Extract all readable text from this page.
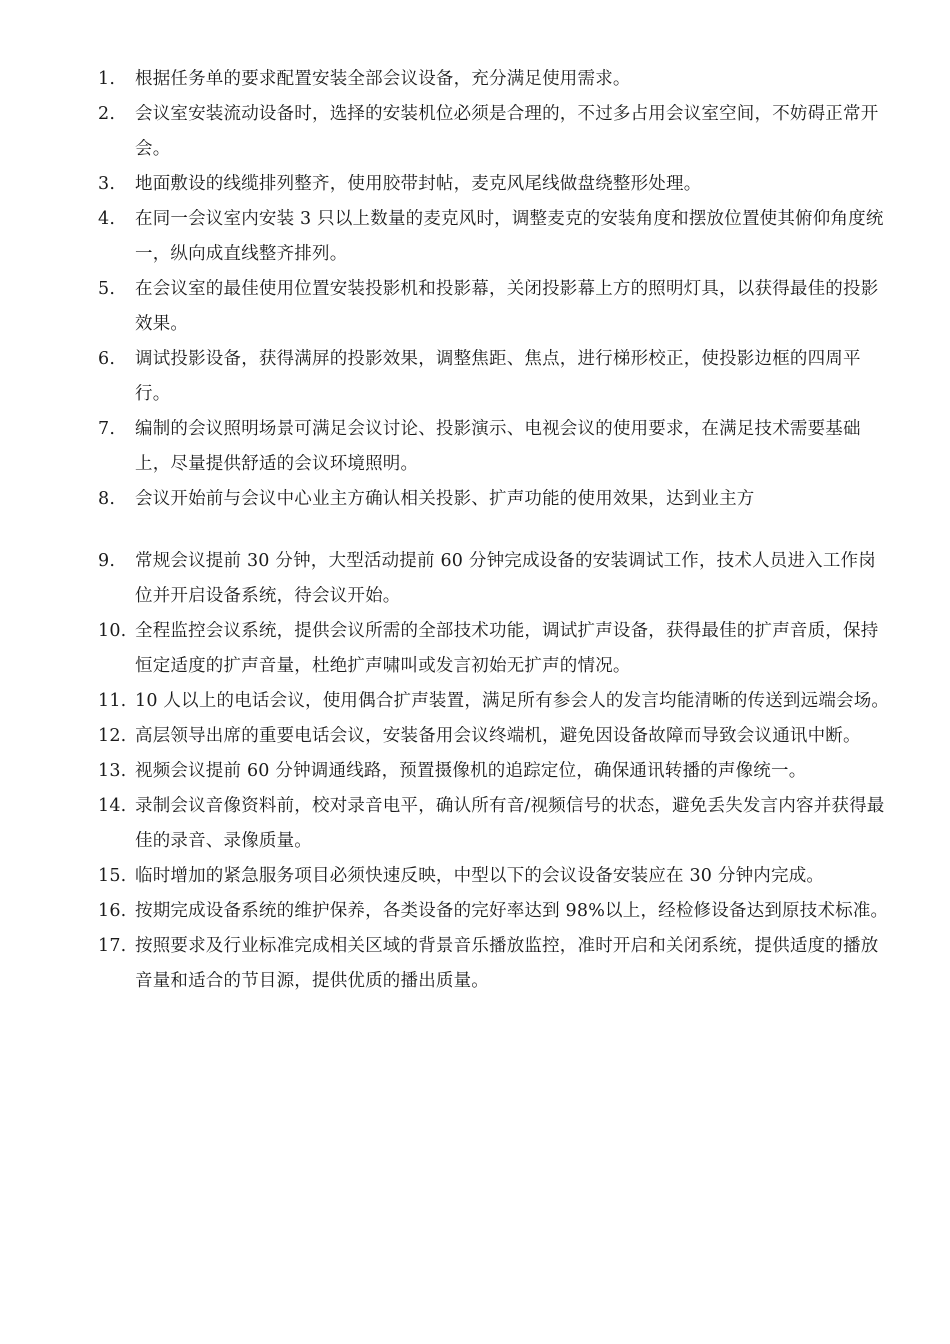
1.	根据任务单的要求配置安装全部会议设备，充分满足使用需求。
2.	会议室安装流动设备时，选择的安装机位必须是合理的，不过多占用会议室空间，不妨碍正常开会。
3.	地面敷设的线缆排列整齐，使用胶带封帖，麦克风尾线做盘绕整形处理。
4.	在同一会议室内安装 3 只以上数量的麦克风时，调整麦克的安装角度和摆放位置使其俯仰角度统一，纵向成直线整齐排列。
5.	在会议室的最佳使用位置安装投影机和投影幕，关闭投影幕上方的照明灯具，以获得最佳的投影效果。
6.	调试投影设备，获得满屏的投影效果，调整焦距、焦点，进行梯形校正，使投影边框的四周平行。
7.	编制的会议照明场景可满足会议讨论、投影演示、电视会议的使用要求，在满足技术需要基础上，尽量提供舒适的会议环境照明。
8.	会议开始前与会议中心业主方确认相关投影、扩声功能的使用效果，达到业主方
9.	常规会议提前 30 分钟，大型活动提前 60 分钟完成设备的安装调试工作，技术人员进入工作岗位并开启设备系统，待会议开始。
10. 全程监控会议系统，提供会议所需的全部技术功能，调试扩声设备，获得最佳的扩声音质，保持恒定适度的扩声音量，杜绝扩声啸叫或发言初始无扩声的情况。
11. 10 人以上的电话会议，使用偶合扩声装置，满足所有参会人的发言均能清晰的传送到远端会场。
12. 高层领导出席的重要电话会议，安装备用会议终端机，避免因设备故障而导致会议通讯中断。
13. 视频会议提前 60 分钟调通线路，预置摄像机的追踪定位，确保通讯转播的声像统一。
14. 录制会议音像资料前，校对录音电平，确认所有音/视频信号的状态，避免丢失发言内容并获得最佳的录音、录像质量。
15. 临时增加的紧急服务项目必须快速反映，中型以下的会议设备安装应在 30 分钟内完成。
16. 按期完成设备系统的维护保养，各类设备的完好率达到 98%以上，经检修设备达到原技术标准。
17. 按照要求及行业标准完成相关区域的背景音乐播放监控，准时开启和关闭系统，提供适度的播放音量和适合的节目源，提供优质的播出质量。
